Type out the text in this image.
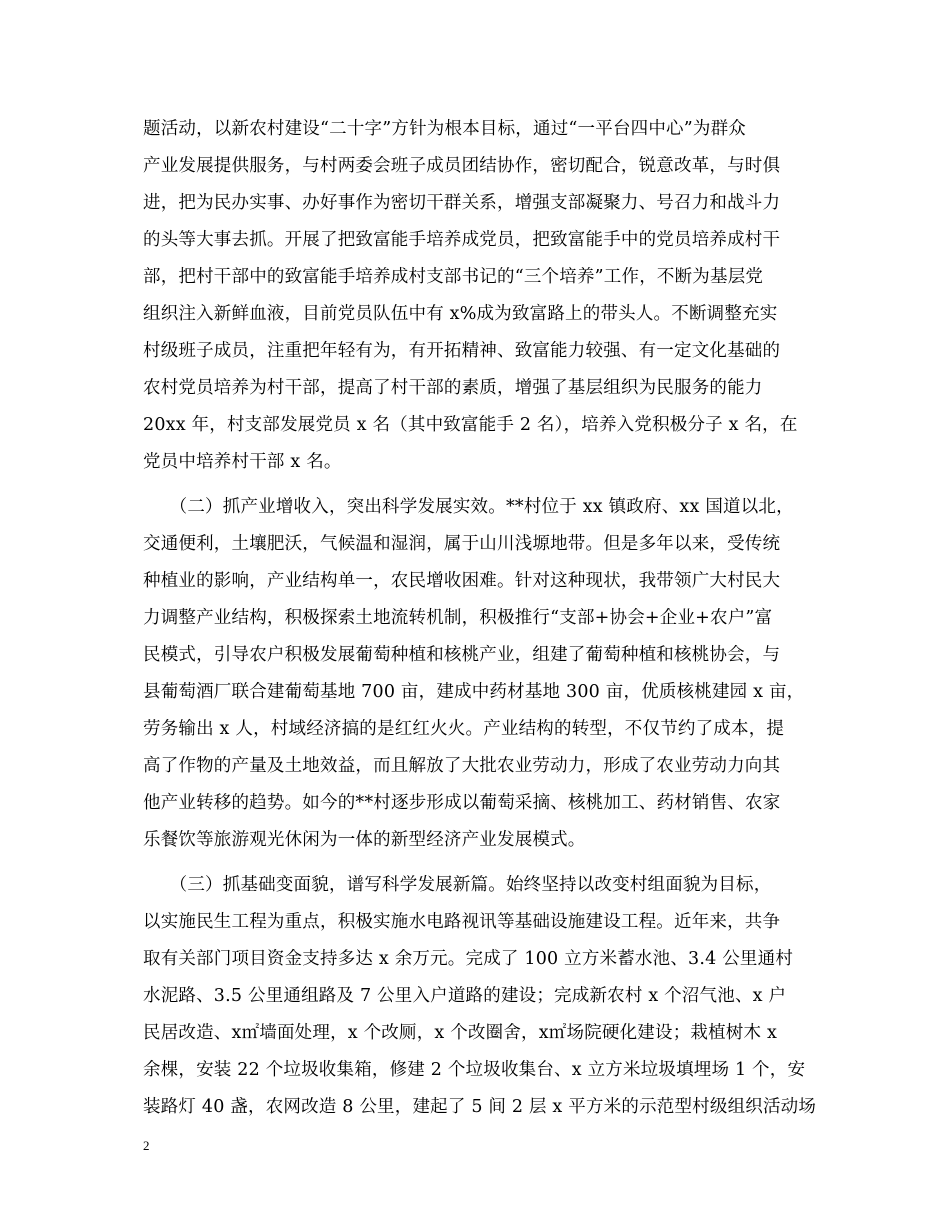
题活动，以新农村建设“二十字”方针为根本目标，通过“一平台四中心”为群众
产业发展提供服务，与村两委会班子成员团结协作，密切配合，锐意改革，与时俱
进，把为民办实事、办好事作为密切干群关系，增强支部凝聚力、号召力和战斗力
的头等大事去抓。开展了把致富能手培养成党员，把致富能手中的党员培养成村干
部，把村干部中的致富能手培养成村支部书记的“三个培养”工作，不断为基层党
组织注入新鲜血液，目前党员队伍中有 x%成为致富路上的带头人。不断调整充实
村级班子成员，注重把年轻有为，有开拓精神、致富能力较强、有一定文化基础的
农村党员培养为村干部，提高了村干部的素质，增强了基层组织为民服务的能力
20xx 年，村支部发展党员 x 名（其中致富能手 2 名），培养入党积极分子 x 名，在
党员中培养村干部 x 名。
　　（二）抓产业增收入，突出科学发展实效。**村位于 xx 镇政府、xx 国道以北，
交通便利，土壤肥沃，气候温和湿润，属于山川浅塬地带。但是多年以来，受传统
种植业的影响，产业结构单一，农民增收困难。针对这种现状，我带领广大村民大
力调整产业结构，积极探索土地流转机制，积极推行“支部+协会+企业+农户”富
民模式，引导农户积极发展葡萄种植和核桃产业，组建了葡萄种植和核桃协会，与
县葡萄酒厂联合建葡萄基地 700 亩，建成中药材基地 300 亩，优质核桃建园 x 亩，
劳务输出 x 人，村域经济搞的是红红火火。产业结构的转型，不仅节约了成本，提
高了作物的产量及土地效益，而且解放了大批农业劳动力，形成了农业劳动力向其
他产业转移的趋势。如今的**村逐步形成以葡萄采摘、核桃加工、药材销售、农家
乐餐饮等旅游观光休闲为一体的新型经济产业发展模式。
　　（三）抓基础变面貌，谱写科学发展新篇。始终坚持以改变村组面貌为目标，
以实施民生工程为重点，积极实施水电路视讯等基础设施建设工程。近年来，共争
取有关部门项目资金支持多达 x 余万元。完成了 100 立方米蓄水池、3.4 公里通村
水泥路、3.5 公里通组路及 7 公里入户道路的建设；完成新农村 x 个沼气池、x 户
民居改造、x㎡墙面处理，x 个改厕，x 个改圈舍，x㎡场院硬化建设；栽植树木 x
余棵，安装 22 个垃圾收集箱，修建 2 个垃圾收集台、x 立方米垃圾填埋场 1 个，安
装路灯 40 盏，农网改造 8 公里，建起了 5 间 2 层 x 平方米的示范型村级组织活动场
2
